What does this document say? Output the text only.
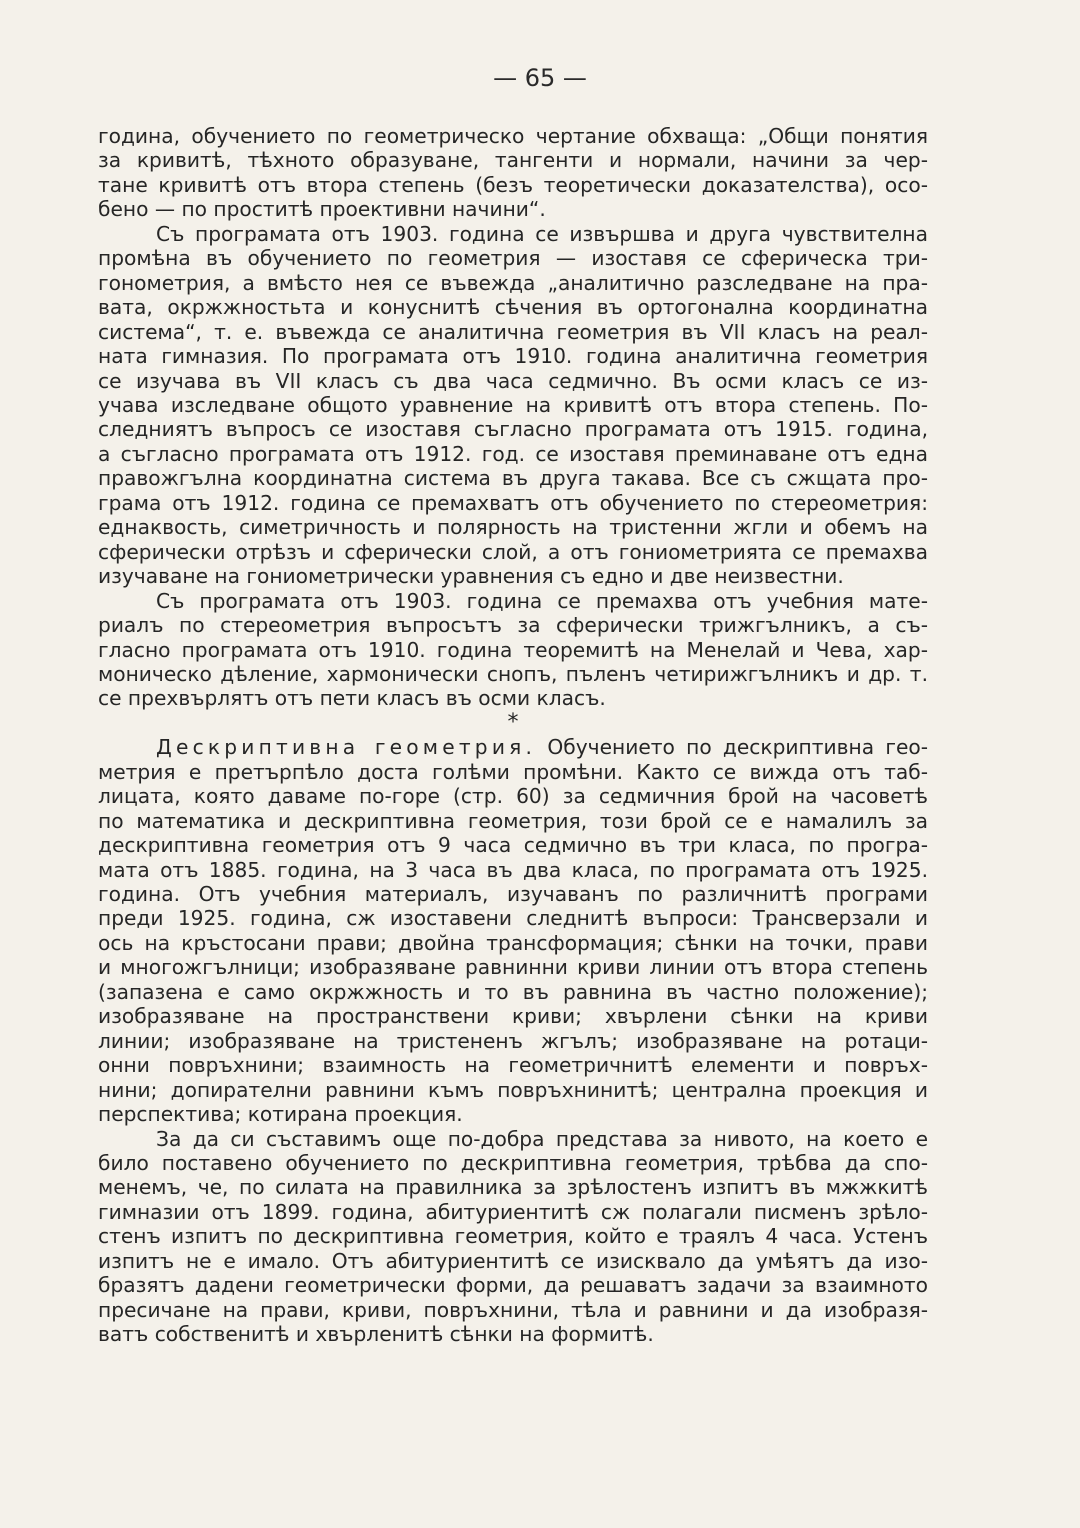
— 65 —
година, обучението по геометрическо чертание обхваща: „Общи понятия
за кривитѣ, тѣхното образуване, тангенти и нормали, начини за чер-
тане кривитѣ отъ втора степень (безъ теоретически доказателства), осо-
бено — по проститѣ проективни начини“.
Съ програмата отъ 1903. година се извършва и друга чувствителна
промѣна въ обучението по геометрия — изоставя се сферическа три-
гонометрия, а вмѣсто нея се въвежда „аналитично разследване на пра-
вата, окржжностьта и конуснитѣ сѣчения въ ортогонална координатна
система“, т. е. въвежда се аналитична геометрия въ VII класъ на реал-
ната гимназия. По програмата отъ 1910. година аналитична геометрия
се изучава въ VII класъ съ два часа седмично. Въ осми класъ се из-
учава изследване общото уравнение на кривитѣ отъ втора степень. По-
следниятъ въпросъ се изоставя съгласно програмата отъ 1915. година,
а съгласно програмата отъ 1912. год. се изоставя преминаване отъ една
правожгълна координатна система въ друга такава. Все съ сжщата про-
грама отъ 1912. година се премахватъ отъ обучението по стереометрия:
еднаквость, симетричность и полярность на тристенни жгли и обемъ на
сферически отрѣзъ и сферически слой, а отъ гониометрията се премахва
изучаване на гониометрически уравнения съ едно и две неизвестни.
Съ програмата отъ 1903. година се премахва отъ учебния мате-
риалъ по стереометрия въпросътъ за сферически трижгълникъ, а съ-
гласно програмата отъ 1910. година теоремитѣ на Менелай и Чева, хар-
моническо дѣление, хармонически снопъ, пъленъ четирижгълникъ и др. т.
се прехвърлятъ отъ пети класъ въ осми класъ.
*
Дескриптивна геометрия. Обучението по дескриптивна гео-
метрия е претърпѣло доста голѣми промѣни. Както се вижда отъ таб-
лицата, която даваме по-горе (стр. 60) за седмичния брой на часоветѣ
по математика и дескриптивна геометрия, този брой се е намалилъ за
дескриптивна геометрия отъ 9 часа седмично въ три класа, по програ-
мата отъ 1885. година, на 3 часа въ два класа, по програмата отъ 1925.
година. Отъ учебния материалъ, изучаванъ по различнитѣ програми
преди 1925. година, сж изоставени следнитѣ въпроси: Трансверзали и
ось на кръстосани прави; двойна трансформация; сѣнки на точки, прави
и многожгълници; изобразяване равнинни криви линии отъ втора степень
(запазена е само окржжность и то въ равнина въ частно положение);
изобразяване на пространствени криви; хвърлени сѣнки на криви
линии; изобразяване на тристененъ жгълъ; изобразяване на ротаци-
онни повръхнини; взаимность на геометричнитѣ елементи и повръх-
нини; допирателни равнини къмъ повръхнинитѣ; централна проекция и
перспектива; котирана проекция.
За да си съставимъ още по-добра представа за нивото, на което е
било поставено обучението по дескриптивна геометрия, трѣбва да спо-
менемъ, че, по силата на правилника за зрѣлостенъ изпитъ въ мжжкитѣ
гимназии отъ 1899. година, абитуриентитѣ сж полагали писменъ зрѣло-
стенъ изпитъ по дескриптивна геометрия, който е траялъ 4 часа. Устенъ
изпитъ не е имало. Отъ абитуриентитѣ се изисквало да умѣятъ да изо-
бразятъ дадени геометрически форми, да решаватъ задачи за взаимното
пресичане на прави, криви, повръхнини, тѣла и равнини и да изобразя-
ватъ собственитѣ и хвърленитѣ сѣнки на формитѣ.
